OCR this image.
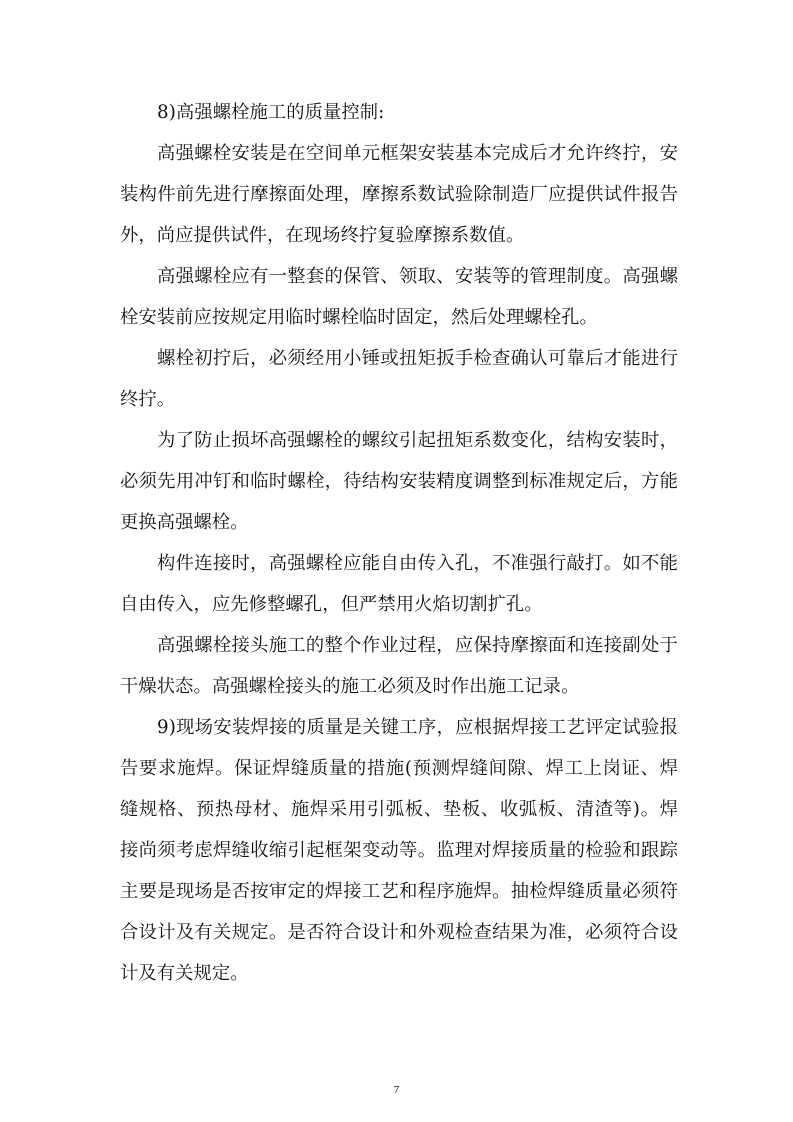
8)高强螺栓施工的质量控制:

高强螺栓安装是在空间单元框架安装基本完成后才允许终拧，安装构件前先进行摩擦面处理，摩擦系数试验除制造厂应提供试件报告外，尚应提供试件，在现场终拧复验摩擦系数值。

高强螺栓应有一整套的保管、领取、安装等的管理制度。高强螺栓安装前应按规定用临时螺栓临时固定，然后处理螺栓孔。

螺栓初拧后，必须经用小锤或扭矩扳手检查确认可靠后才能进行终拧。

为了防止损坏高强螺栓的螺纹引起扭矩系数变化，结构安装时，必须先用冲钉和临时螺栓，待结构安装精度调整到标准规定后，方能更换高强螺栓。

构件连接时，高强螺栓应能自由传入孔，不准强行敲打。如不能自由传入，应先修整螺孔，但严禁用火焰切割扩孔。

高强螺栓接头施工的整个作业过程，应保持摩擦面和连接副处于干燥状态。高强螺栓接头的施工必须及时作出施工记录。

9)现场安装焊接的质量是关键工序，应根据焊接工艺评定试验报告要求施焊。保证焊缝质量的措施(预测焊缝间隙、焊工上岗证、焊缝规格、预热母材、施焊采用引弧板、垫板、收弧板、清渣等)。焊接尚须考虑焊缝收缩引起框架变动等。监理对焊接质量的检验和跟踪主要是现场是否按审定的焊接工艺和程序施焊。抽检焊缝质量必须符合设计及有关规定。是否符合设计和外观检查结果为准，必须符合设计及有关规定。

7
